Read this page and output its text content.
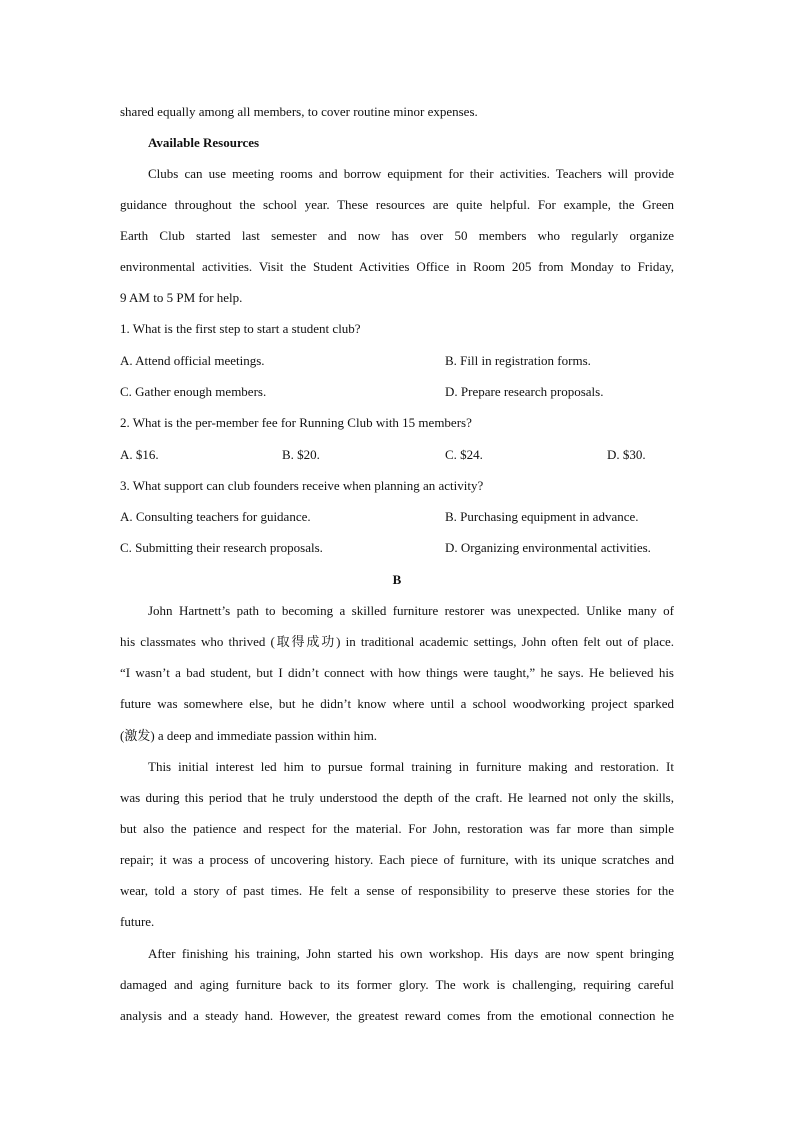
shared equally among all members, to cover routine minor expenses.
Available Resources
Clubs can use meeting rooms and borrow equipment for their activities. Teachers will provide
guidance throughout the school year. These resources are quite helpful. For example, the Green
Earth Club started last semester and now has over 50 members who regularly organize
environmental activities. Visit the Student Activities Office in Room 205 from Monday to Friday,
9 AM to 5 PM for help.
1. What is the first step to start a student club?
A. Attend official meetings.	B. Fill in registration forms.
C. Gather enough members.	D. Prepare research proposals.
2. What is the per-member fee for Running Club with 15 members?
A. $16.	B. $20.	C. $24.	D. $30.
3. What support can club founders receive when planning an activity?
A. Consulting teachers for guidance.	B. Purchasing equipment in advance.
C. Submitting their research proposals.	D. Organizing environmental activities.
B
John Hartnett’s path to becoming a skilled furniture restorer was unexpected. Unlike many of
his classmates who thrived (取得成功) in traditional academic settings, John often felt out of place.
“I wasn’t a bad student, but I didn’t connect with how things were taught,” he says. He believed his
future was somewhere else, but he didn’t know where until a school woodworking project sparked
(激发) a deep and immediate passion within him.
This initial interest led him to pursue formal training in furniture making and restoration. It
was during this period that he truly understood the depth of the craft. He learned not only the skills,
but also the patience and respect for the material. For John, restoration was far more than simple
repair; it was a process of uncovering history. Each piece of furniture, with its unique scratches and
wear, told a story of past times. He felt a sense of responsibility to preserve these stories for the
future.
After finishing his training, John started his own workshop. His days are now spent bringing
damaged and aging furniture back to its former glory. The work is challenging, requiring careful
analysis and a steady hand. However, the greatest reward comes from the emotional connection he
